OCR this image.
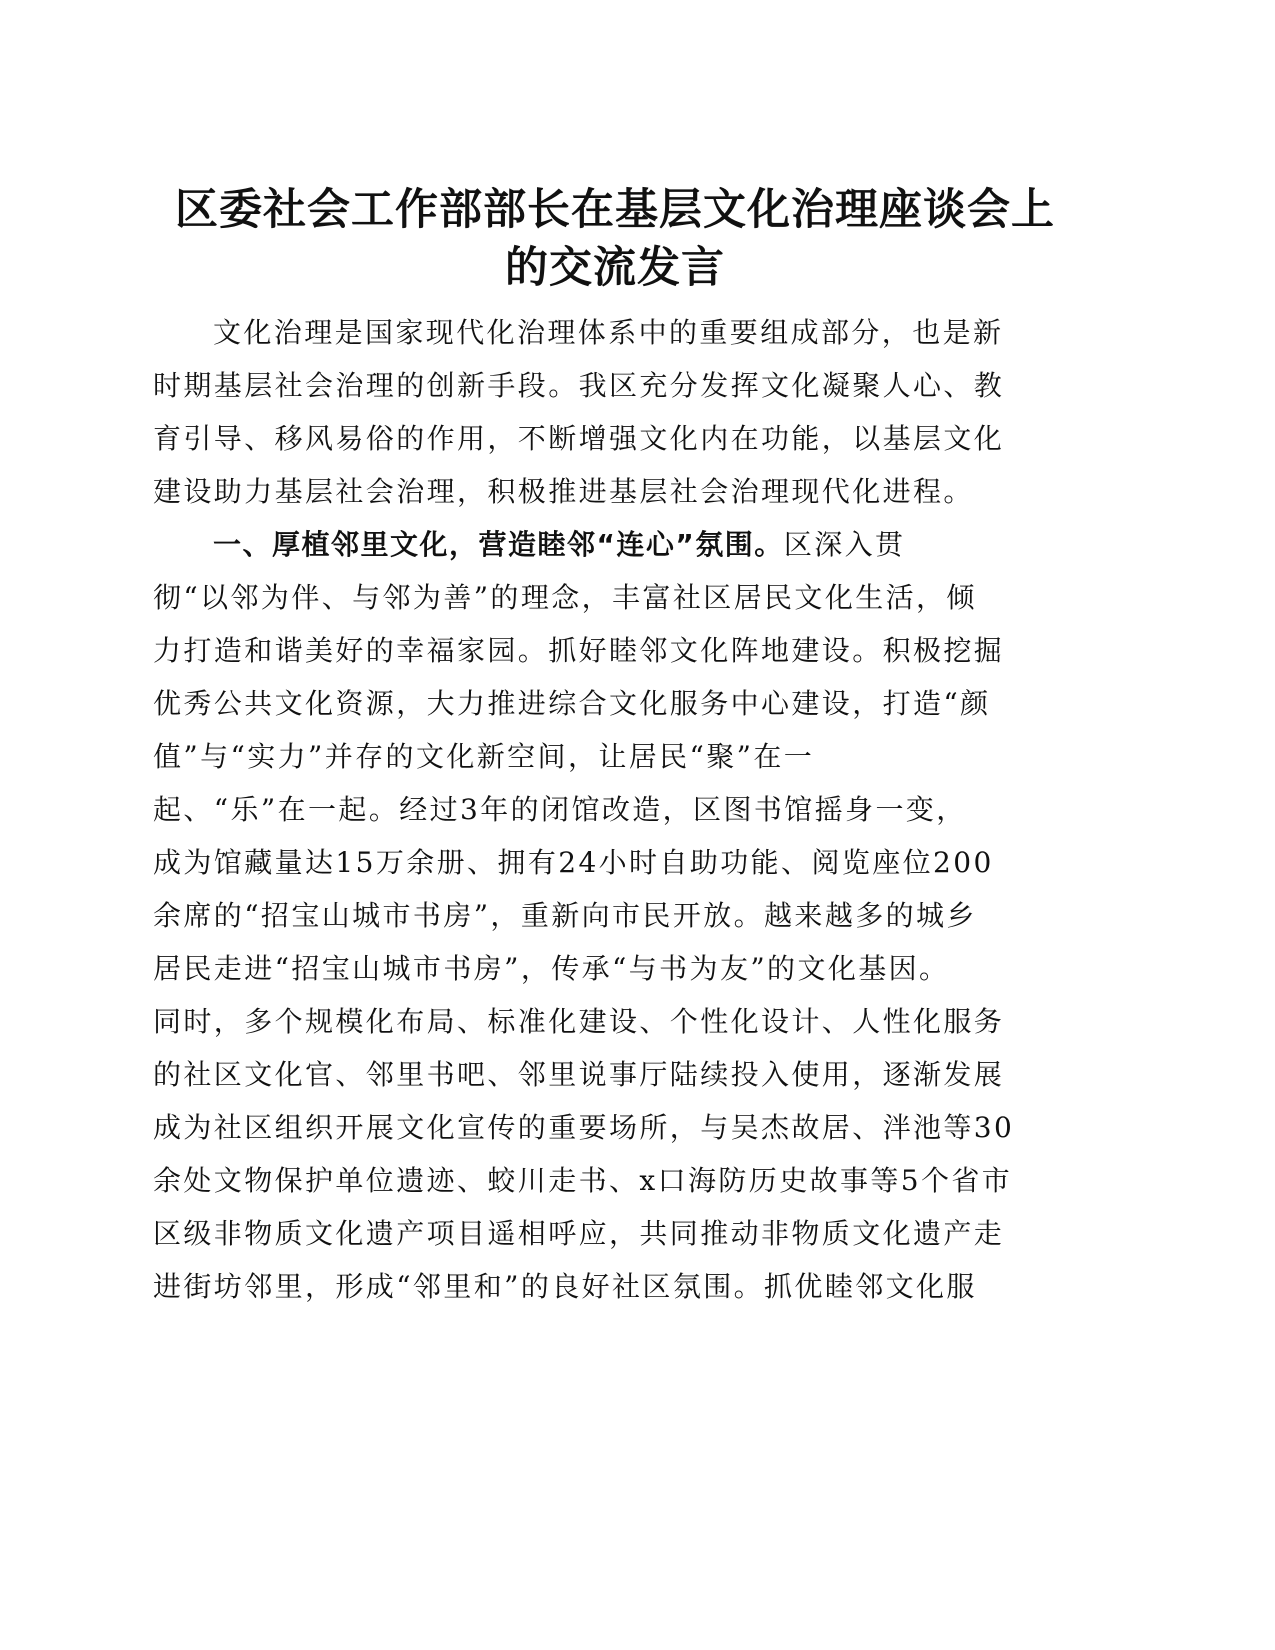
区委社会工作部部长在基层文化治理座谈会上
的交流发言
文化治理是国家现代化治理体系中的重要组成部分，也是新
时期基层社会治理的创新手段。我区充分发挥文化凝聚人心、教
育引导、移风易俗的作用，不断增强文化内在功能，以基层文化
建设助力基层社会治理，积极推进基层社会治理现代化进程。
一、厚植邻里文化，营造睦邻“连心”氛围。区深入贯
彻“以邻为伴、与邻为善”的理念，丰富社区居民文化生活，倾
力打造和谐美好的幸福家园。抓好睦邻文化阵地建设。积极挖掘
优秀公共文化资源，大力推进综合文化服务中心建设，打造“颜
值”与“实力”并存的文化新空间，让居民“聚”在一
起、“乐”在一起。经过3年的闭馆改造，区图书馆摇身一变，
成为馆藏量达15万余册、拥有24小时自助功能、阅览座位200
余席的“招宝山城市书房”，重新向市民开放。越来越多的城乡
居民走进“招宝山城市书房”，传承“与书为友”的文化基因。
同时，多个规模化布局、标准化建设、个性化设计、人性化服务
的社区文化官、邻里书吧、邻里说事厅陆续投入使用，逐渐发展
成为社区组织开展文化宣传的重要场所，与吴杰故居、泮池等30
余处文物保护单位遗迹、蛟川走书、x口海防历史故事等5个省市
区级非物质文化遗产项目遥相呼应，共同推动非物质文化遗产走
进街坊邻里，形成“邻里和”的良好社区氛围。抓优睦邻文化服
